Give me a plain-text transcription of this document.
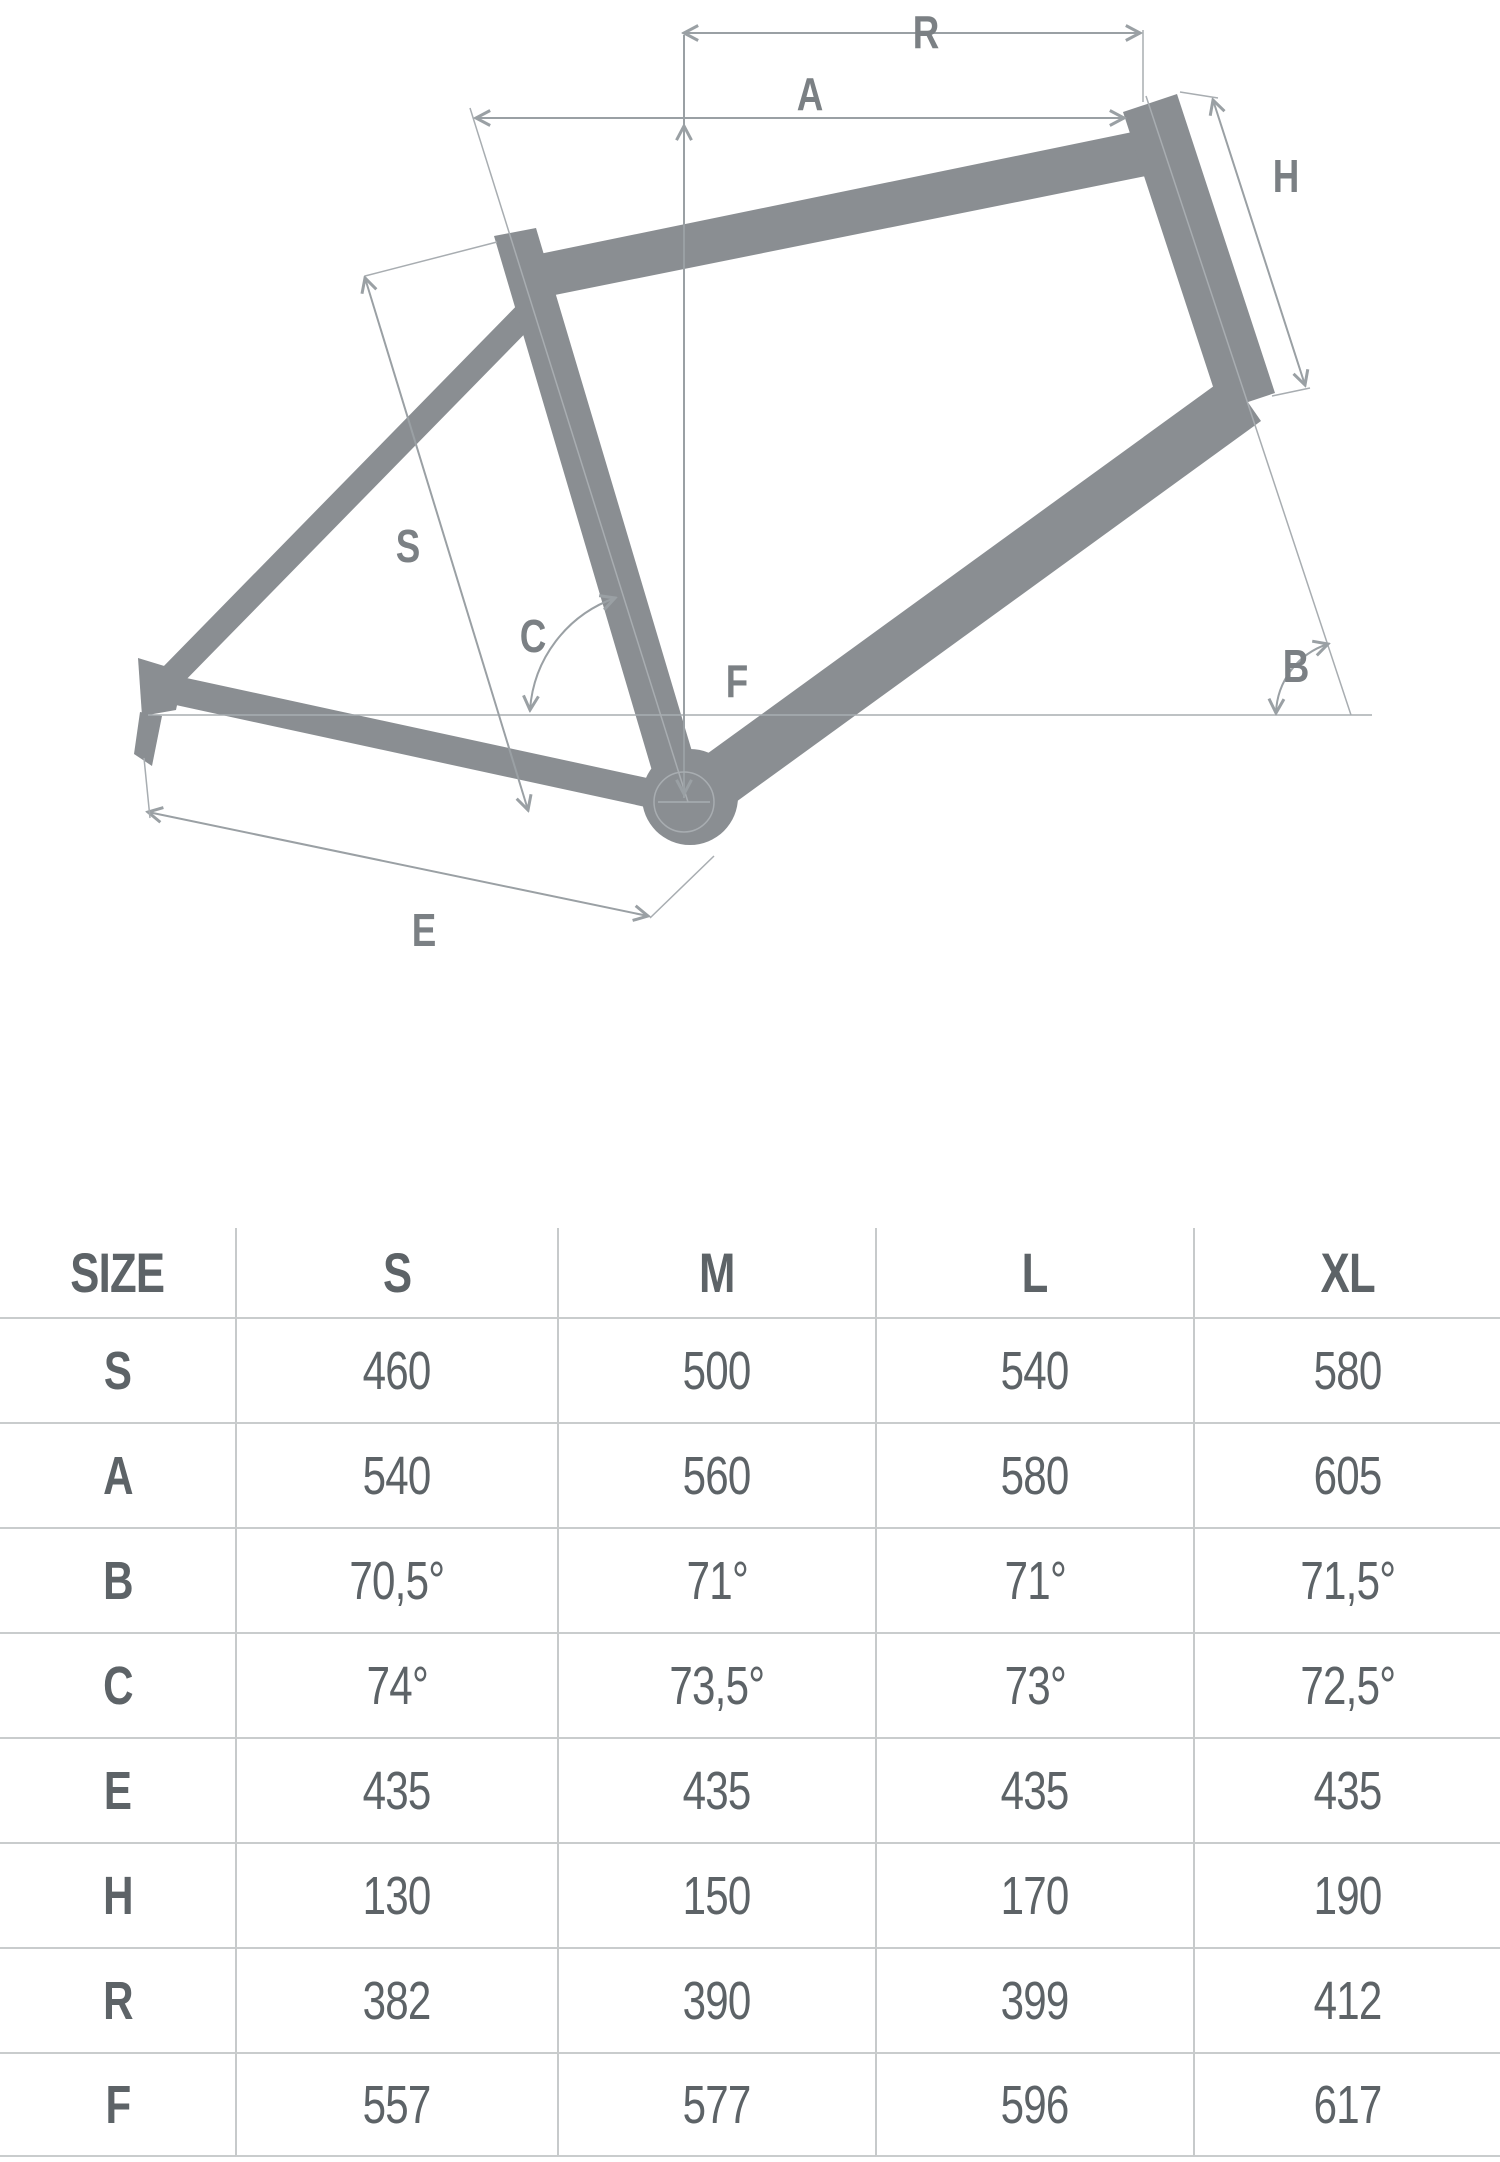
R
A
H
F
S
C
B
E
SIZE	S	M	L	XL
S	460	500	540	580
A	540	560	580	605
B	70,5°	71°	71°	71,5°
C	74°	73,5°	73°	72,5°
E	435	435	435	435
H	130	150	170	190
R	382	390	399	412
F	557	577	596	617
